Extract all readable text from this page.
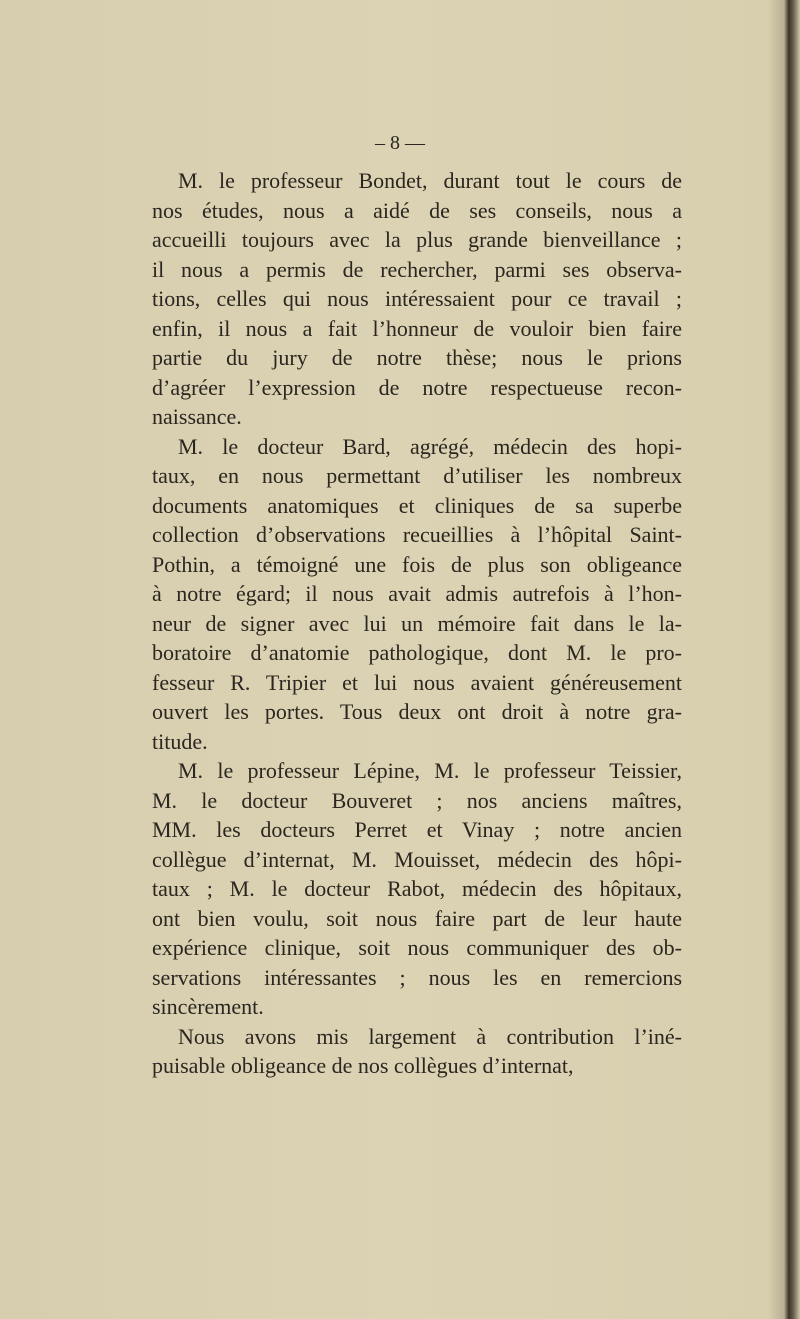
– 8 —
M. le professeur Bondet, durant tout le cours de
nos études, nous a aidé de ses conseils, nous a
accueilli toujours avec la plus grande bienveillance ;
il nous a permis de rechercher, parmi ses observa-
tions, celles qui nous intéressaient pour ce travail ;
enfin, il nous a fait l’honneur de vouloir bien faire
partie du jury de notre thèse; nous le prions
d’agréer l’expression de notre respectueuse recon-
naissance.
M. le docteur Bard, agrégé, médecin des hopi-
taux, en nous permettant d’utiliser les nombreux
documents anatomiques et cliniques de sa superbe
collection d’observations recueillies à l’hôpital Saint-
Pothin, a témoigné une fois de plus son obligeance
à notre égard; il nous avait admis autrefois à l’hon-
neur de signer avec lui un mémoire fait dans le la-
boratoire d’anatomie pathologique, dont M. le pro-
fesseur R. Tripier et lui nous avaient généreusement
ouvert les portes. Tous deux ont droit à notre gra-
titude.
M. le professeur Lépine, M. le professeur Teissier,
M. le docteur Bouveret ; nos anciens maîtres,
MM. les docteurs Perret et Vinay ; notre ancien
collègue d’internat, M. Mouisset, médecin des hôpi-
taux ; M. le docteur Rabot, médecin des hôpitaux,
ont bien voulu, soit nous faire part de leur haute
expérience clinique, soit nous communiquer des ob-
servations intéressantes ; nous les en remercions
sincèrement.
Nous avons mis largement à contribution l’iné-
puisable obligeance de nos collègues d’internat,
